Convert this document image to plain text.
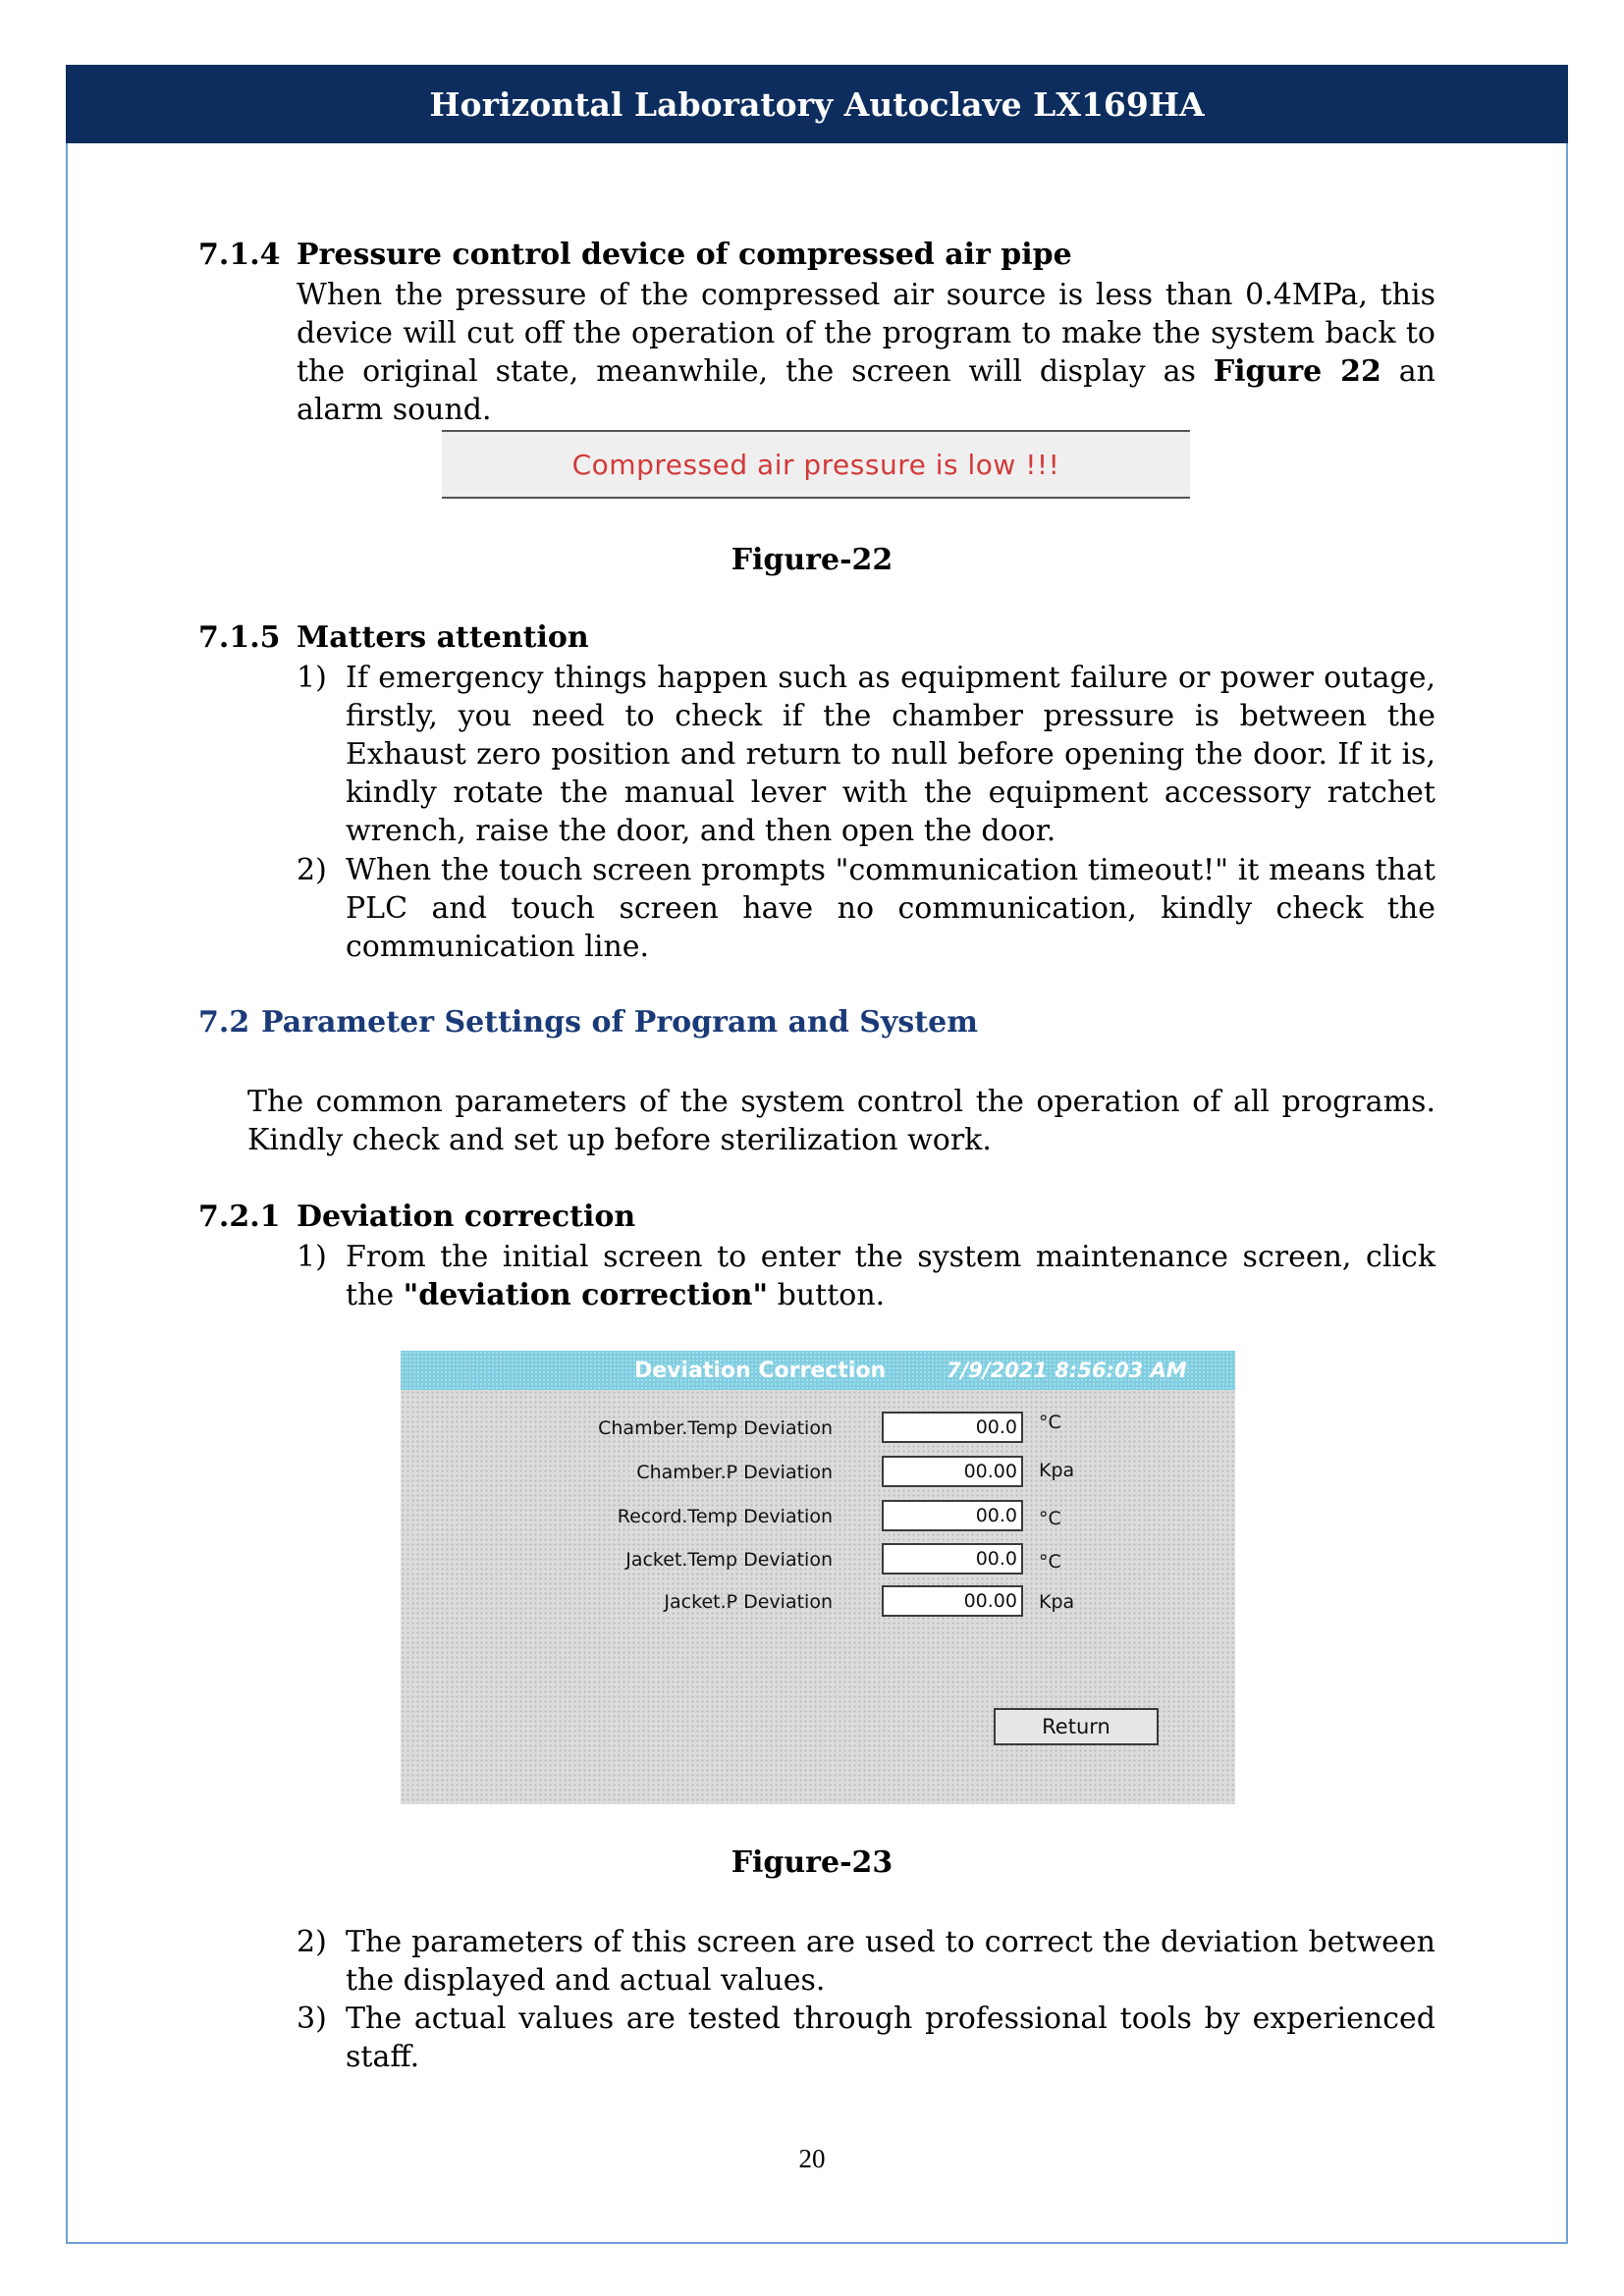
Horizontal Laboratory Autoclave LX169HA
7.1.4 Pressure control device of compressed air pipe
When the pressure of the compressed air source is less than 0.4MPa, this device will cut off the operation of the program to make the system back to the original state, meanwhile, the screen will display as Figure 22 an alarm sound.
Compressed air pressure is low !!!
Figure-22
7.1.5 Matters attention
1) If emergency things happen such as equipment failure or power outage, firstly, you need to check if the chamber pressure is between the Exhaust zero position and return to null before opening the door. If it is, kindly rotate the manual lever with the equipment accessory ratchet wrench, raise the door, and then open the door.
2) When the touch screen prompts "communication timeout!" it means that PLC and touch screen have no communication, kindly check the communication line.
7.2 Parameter Settings of Program and System
The common parameters of the system control the operation of all programs. Kindly check and set up before sterilization work.
7.2.1 Deviation correction
1) From the initial screen to enter the system maintenance screen, click the "deviation correction" button.
Deviation Correction	7/9/2021 8:56:03 AM
Chamber.Temp Deviation	00.0	°C
Chamber.P Deviation	00.00	Kpa
Record.Temp Deviation	00.0	°C
Jacket.Temp Deviation	00.0	°C
Jacket.P Deviation	00.00	Kpa
Return
Figure-23
2) The parameters of this screen are used to correct the deviation between the displayed and actual values.
3) The actual values are tested through professional tools by experienced staff.
20
